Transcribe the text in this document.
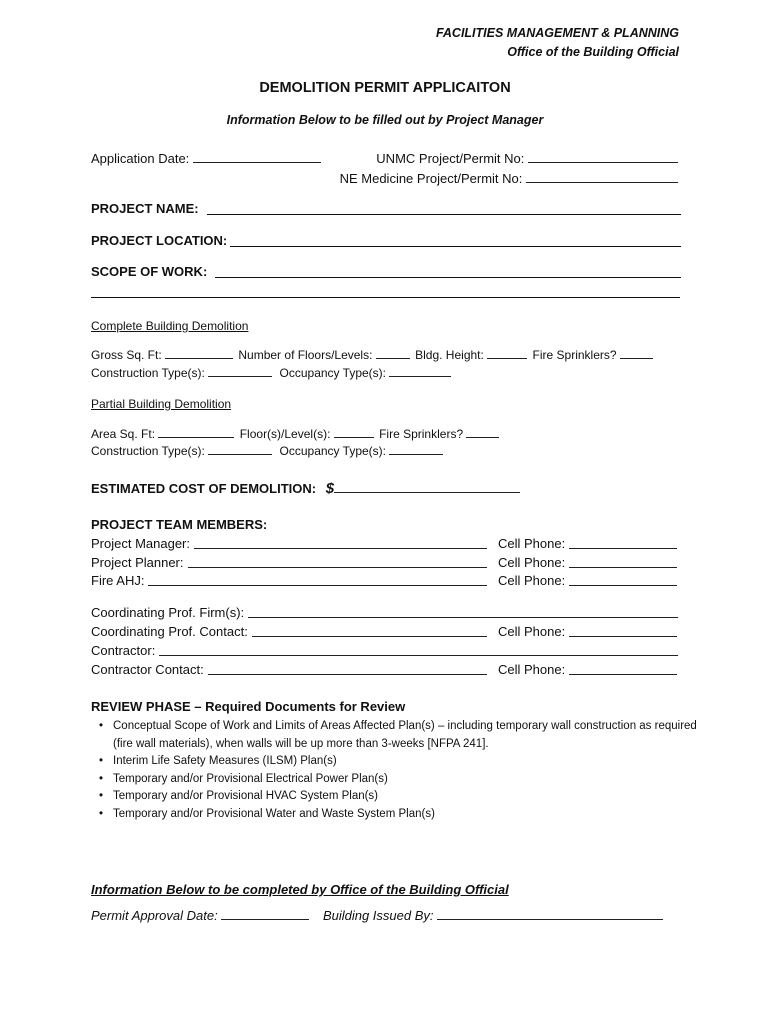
FACILITIES MANAGEMENT & PLANNING
Office of the Building Official
DEMOLITION PERMIT APPLICAITON
Information Below to be filled out by Project Manager
Application Date:	UNMC Project/Permit No:
NE Medicine Project/Permit No:
PROJECT NAME:
PROJECT LOCATION:
SCOPE OF WORK:
Complete Building Demolition
Gross Sq. Ft:	Number of Floors/Levels:	Bldg. Height:	Fire Sprinklers?
Construction Type(s):	Occupancy Type(s):
Partial Building Demolition
Area Sq. Ft:	Floor(s)/Level(s):	Fire Sprinklers?
Construction Type(s):	Occupancy Type(s):
ESTIMATED COST OF DEMOLITION: $
PROJECT TEAM MEMBERS:
Project Manager:	Cell Phone:
Project Planner:	Cell Phone:
Fire AHJ:	Cell Phone:
Coordinating Prof. Firm(s):
Coordinating Prof. Contact:	Cell Phone:
Contractor:
Contractor Contact:	Cell Phone:
REVIEW PHASE – Required Documents for Review
• Conceptual Scope of Work and Limits of Areas Affected Plan(s) – including temporary wall construction as required (fire wall materials), when walls will be up more than 3-weeks [NFPA 241].
• Interim Life Safety Measures (ILSM) Plan(s)
• Temporary and/or Provisional Electrical Power Plan(s)
• Temporary and/or Provisional HVAC System Plan(s)
• Temporary and/or Provisional Water and Waste System Plan(s)
Information Below to be completed by Office of the Building Official
Permit Approval Date:	Building Issued By:
